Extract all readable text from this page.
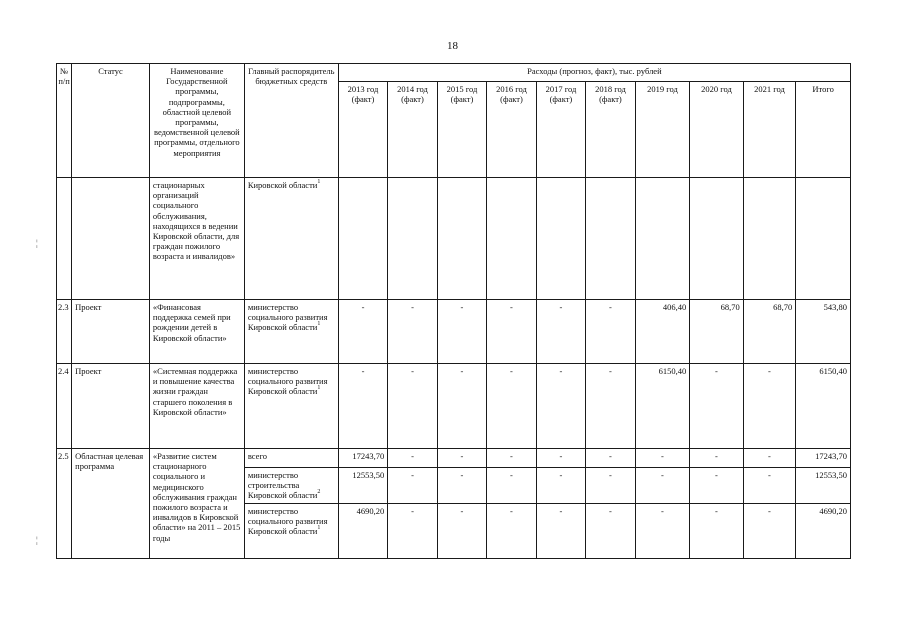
18
¦
¦
№ п/п	Статус	Наименование Государственной программы, подпрограммы, областной целевой программы, ведомственной целевой программы, отдельного мероприятия	Главный распорядитель бюджетных средств	Расходы (прогноз, факт), тыс. рублей									
				2013 год (факт)	2014 год (факт)	2015 год (факт)	2016 год (факт)	2017 год (факт)	2018 год (факт)	2019 год	2020 год	2021 год	Итого
		стационарных организаций социального обслуживания, находящихся в ведении Кировской области, для граждан пожилого возраста и инвалидов»	Кировской области$^1$										
2.3	Проект	«Финансовая поддержка семей при рождении детей в Кировской области»	министерство социального развития Кировской области$^1$	-	-	-	-	-	-	406,40	68,70	68,70	543,80
2.4	Проект	«Системная поддержка и повышение качества жизни граждан старшего поколения в Кировской области»	министерство социального развития Кировской области$^1$	-	-	-	-	-	-	6150,40	-	-	6150,40
2.5	Областная целевая программа	«Развитие систем стационарного социального и медицинского обслуживания граждан пожилого возраста и инвалидов в Кировской области» на 2011 – 2015 годы	всего	17243,70	-	-	-	-	-	-	-	-	17243,70
			министерство строительства Кировской области$^2$	12553,50	-	-	-	-	-	-	-	-	12553,50
			министерство социального развития Кировской области$^1$	4690,20	-	-	-	-	-	-	-	-	4690,20
